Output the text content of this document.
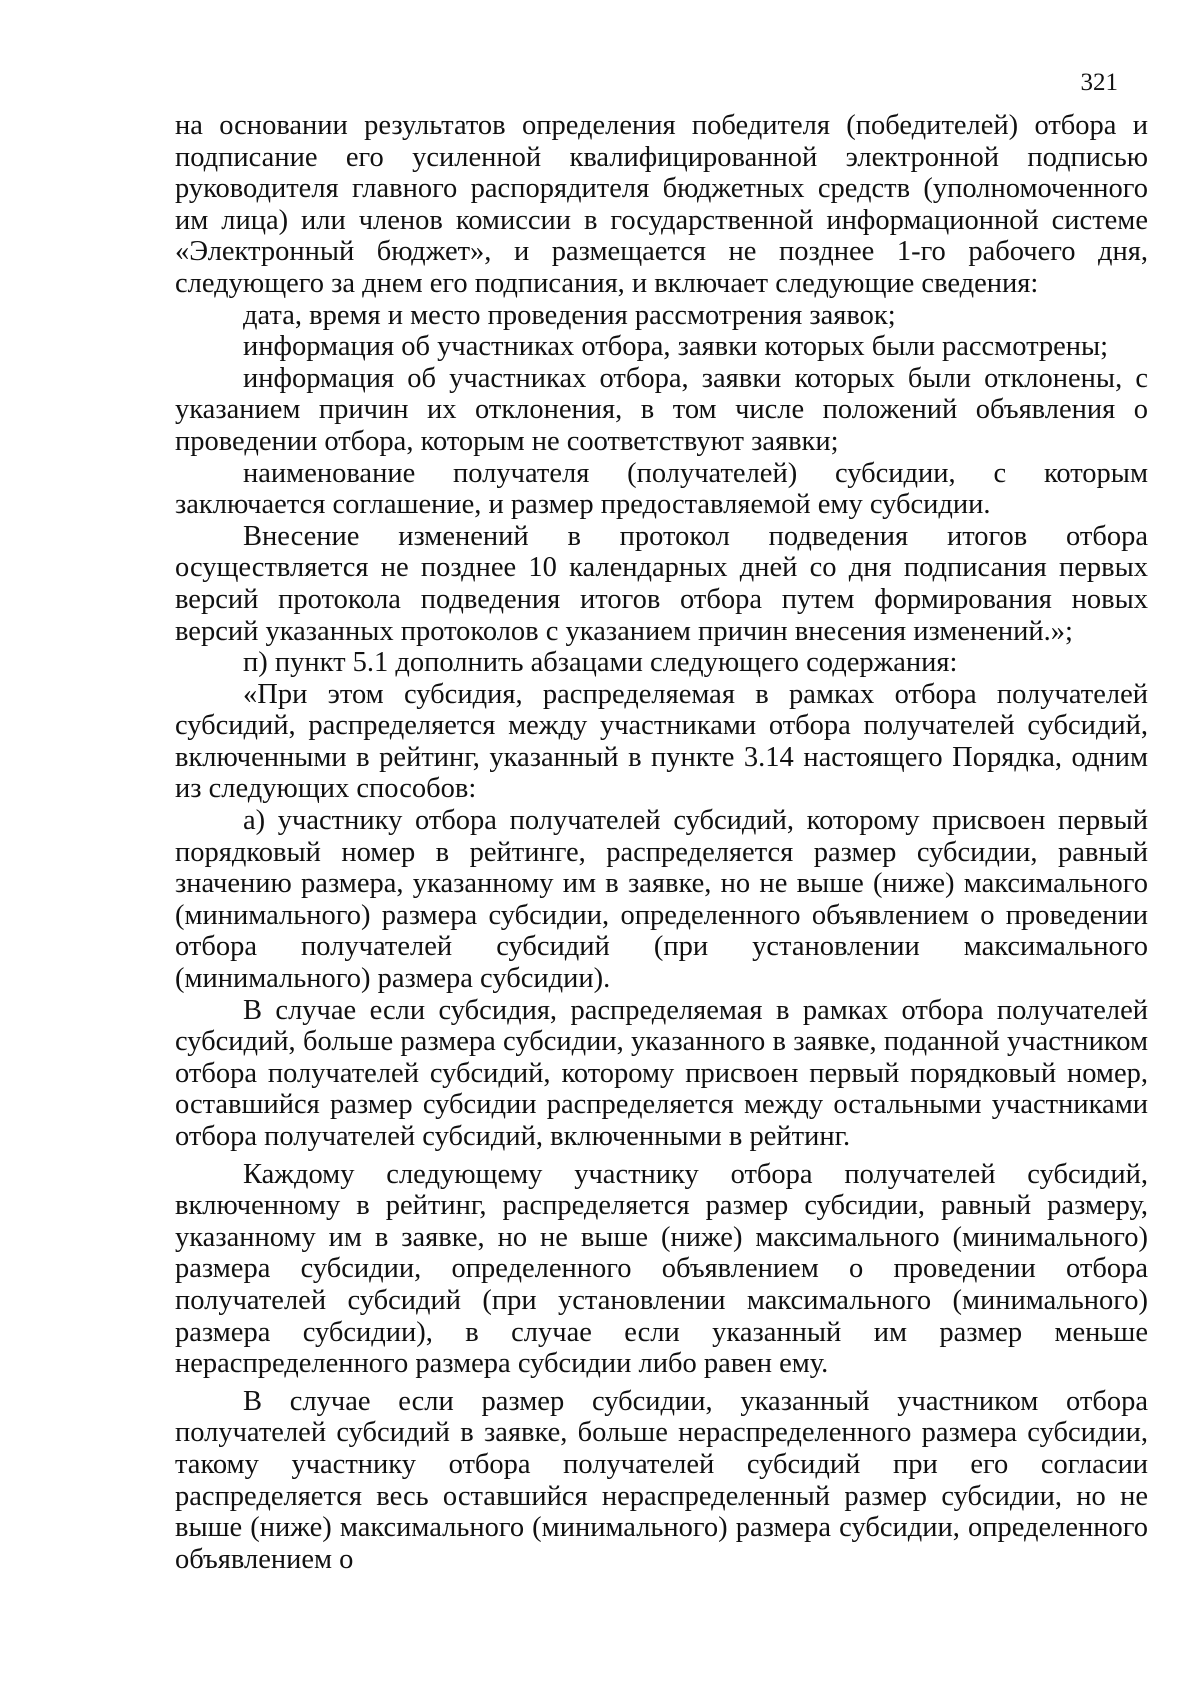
321

на основании результатов определения победителя (победителей) отбора и подписание его усиленной квалифицированной электронной подписью руководителя главного распорядителя бюджетных средств (уполномоченного им лица) или членов комиссии в государственной информационной системе «Электронный бюджет», и размещается не позднее 1-го рабочего дня, следующего за днем его подписания, и включает следующие сведения:

дата, время и место проведения рассмотрения заявок;

информация об участниках отбора, заявки которых были рассмотрены;

информация об участниках отбора, заявки которых были отклонены, с указанием причин их отклонения, в том числе положений объявления о проведении отбора, которым не соответствуют заявки;

наименование получателя (получателей) субсидии, с которым заключается соглашение, и размер предоставляемой ему субсидии.

Внесение изменений в протокол подведения итогов отбора осуществляется не позднее 10 календарных дней со дня подписания первых версий протокола подведения итогов отбора путем формирования новых версий указанных протоколов с указанием причин внесения изменений.»;

п) пункт 5.1 дополнить абзацами следующего содержания:

«При этом субсидия, распределяемая в рамках отбора получателей субсидий, распределяется между участниками отбора получателей субсидий, включенными в рейтинг, указанный в пункте 3.14 настоящего Порядка, одним из следующих способов:

а) участнику отбора получателей субсидий, которому присвоен первый порядковый номер в рейтинге, распределяется размер субсидии, равный значению размера, указанному им в заявке, но не выше (ниже) максимального (минимального) размера субсидии, определенного объявлением о проведении отбора получателей субсидий (при установлении максимального (минимального) размера субсидии).

В случае если субсидия, распределяемая в рамках отбора получателей субсидий, больше размера субсидии, указанного в заявке, поданной участником отбора получателей субсидий, которому присвоен первый порядковый номер, оставшийся размер субсидии распределяется между остальными участниками отбора получателей субсидий, включенными в рейтинг.

Каждому следующему участнику отбора получателей субсидий, включенному в рейтинг, распределяется размер субсидии, равный размеру, указанному им в заявке, но не выше (ниже) максимального (минимального) размера субсидии, определенного объявлением о проведении отбора получателей субсидий (при установлении максимального (минимального) размера субсидии), в случае если указанный им размер меньше нераспределенного размера субсидии либо равен ему.

В случае если размер субсидии, указанный участником отбора получателей субсидий в заявке, больше нераспределенного размера субсидии, такому участнику отбора получателей субсидий при его согласии распределяется весь оставшийся нераспределенный размер субсидии, но не выше (ниже) максимального (минимального) размера субсидии, определенного объявлением о
